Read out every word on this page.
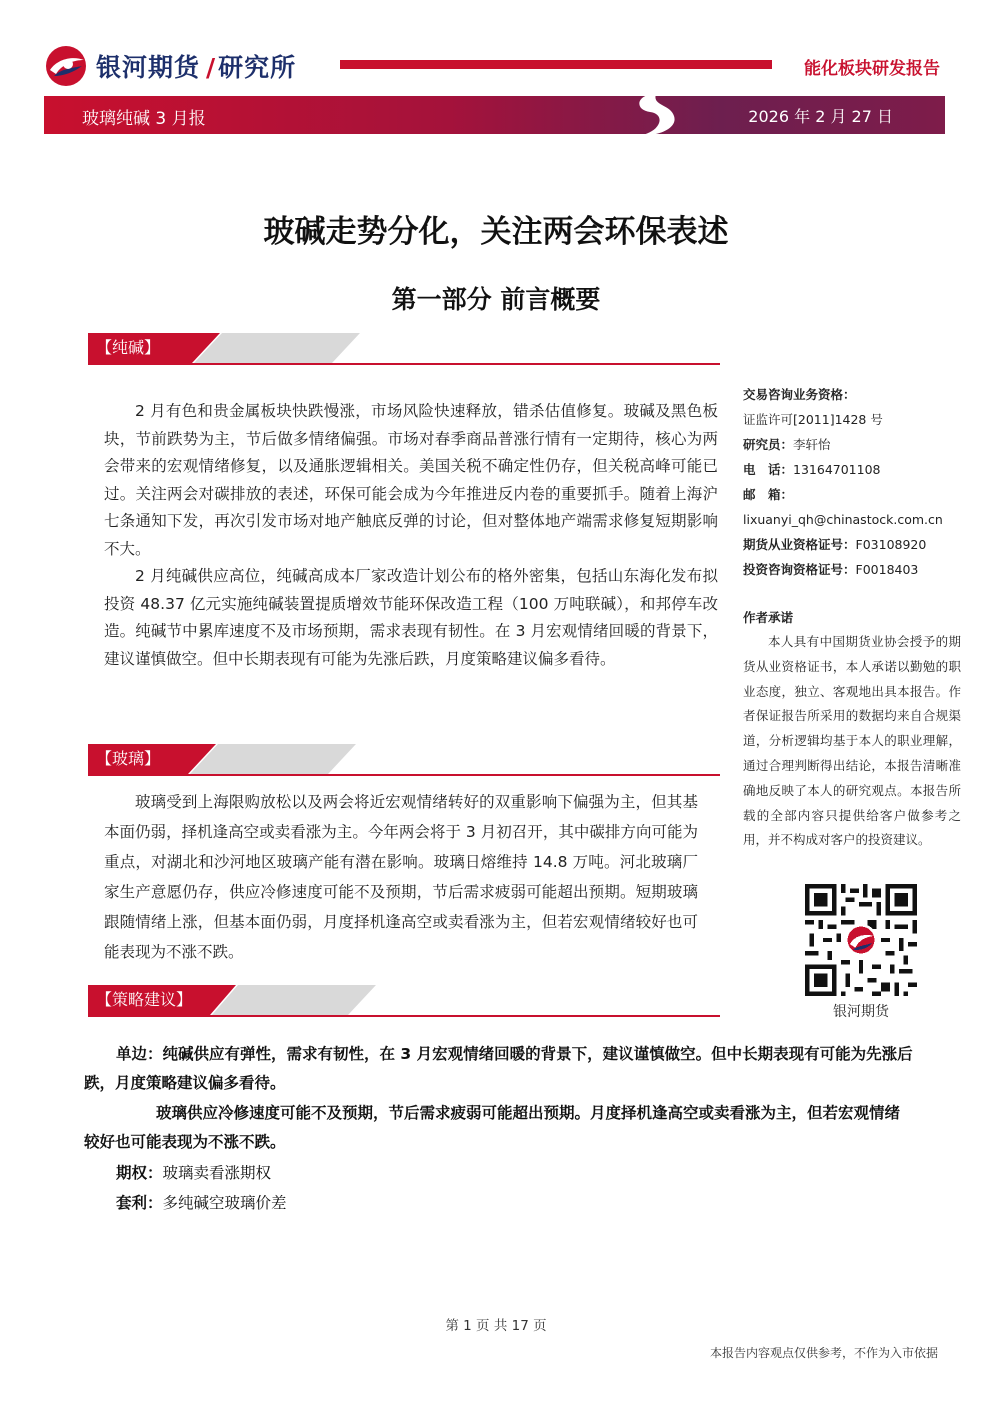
银河期货 /研究所	能化板块研发报告
玻璃纯碱 3 月报	2026 年 2 月 27 日
玻碱走势分化，关注两会环保表述
第一部分 前言概要
【纯碱】

2 月有色和贵金属板块快跌慢涨，市场风险快速释放，错杀估值修复。玻碱及黑色板块，节前跌势为主，节后做多情绪偏强。市场对春季商品普涨行情有一定期待，核心为两会带来的宏观情绪修复，以及通胀逻辑相关。美国关税不确定性仍存，但关税高峰可能已过。关注两会对碳排放的表述，环保可能会成为今年推进反内卷的重要抓手。随着上海沪七条通知下发，再次引发市场对地产触底反弹的讨论，但对整体地产端需求修复短期影响不大。

2 月纯碱供应高位，纯碱高成本厂家改造计划公布的格外密集，包括山东海化发布拟投资 48.37 亿元实施纯碱装置提质增效节能环保改造工程（100 万吨联碱），和邦停车改造。纯碱节中累库速度不及市场预期，需求表现有韧性。在 3 月宏观情绪回暖的背景下，建议谨慎做空。但中长期表现有可能为先涨后跌，月度策略建议偏多看待。

【玻璃】

玻璃受到上海限购放松以及两会将近宏观情绪转好的双重影响下偏强为主，但其基本面仍弱，择机逢高空或卖看涨为主。今年两会将于 3 月初召开，其中碳排方向可能为重点，对湖北和沙河地区玻璃产能有潜在影响。玻璃日熔维持 14.8 万吨。河北玻璃厂家生产意愿仍存，供应冷修速度可能不及预期，节后需求疲弱可能超出预期。短期玻璃跟随情绪上涨，但基本面仍弱，月度择机逢高空或卖看涨为主，但若宏观情绪较好也可能表现为不涨不跌。

【策略建议】
单边：纯碱供应有弹性，需求有韧性，在 3 月宏观情绪回暖的背景下，建议谨慎做空。但中长期表现有可能为先涨后跌，月度策略建议偏多看待。
玻璃供应冷修速度可能不及预期，节后需求疲弱可能超出预期。月度择机逢高空或卖看涨为主，但若宏观情绪较好也可能表现为不涨不跌。
期权：玻璃卖看涨期权
套利：多纯碱空玻璃价差
交易咨询业务资格：
证监许可[2011]1428 号
研究员：李轩怡
电　话：13164701108
邮　箱：
lixuanyi_qh@chinastock.com.cn
期货从业资格证号：F03108920
投资咨询资格证号：F0018403
作者承诺
本人具有中国期货业协会授予的期货从业资格证书，本人承诺以勤勉的职业态度，独立、客观地出具本报告。作者保证报告所采用的数据均来自合规渠道，分析逻辑均基于本人的职业理解，通过合理判断得出结论，本报告清晰准确地反映了本人的研究观点。本报告所载的全部内容只提供给客户做参考之用，并不构成对客户的投资建议。
银河期货
第 1 页 共 17 页
本报告内容观点仅供参考，不作为入市依据
